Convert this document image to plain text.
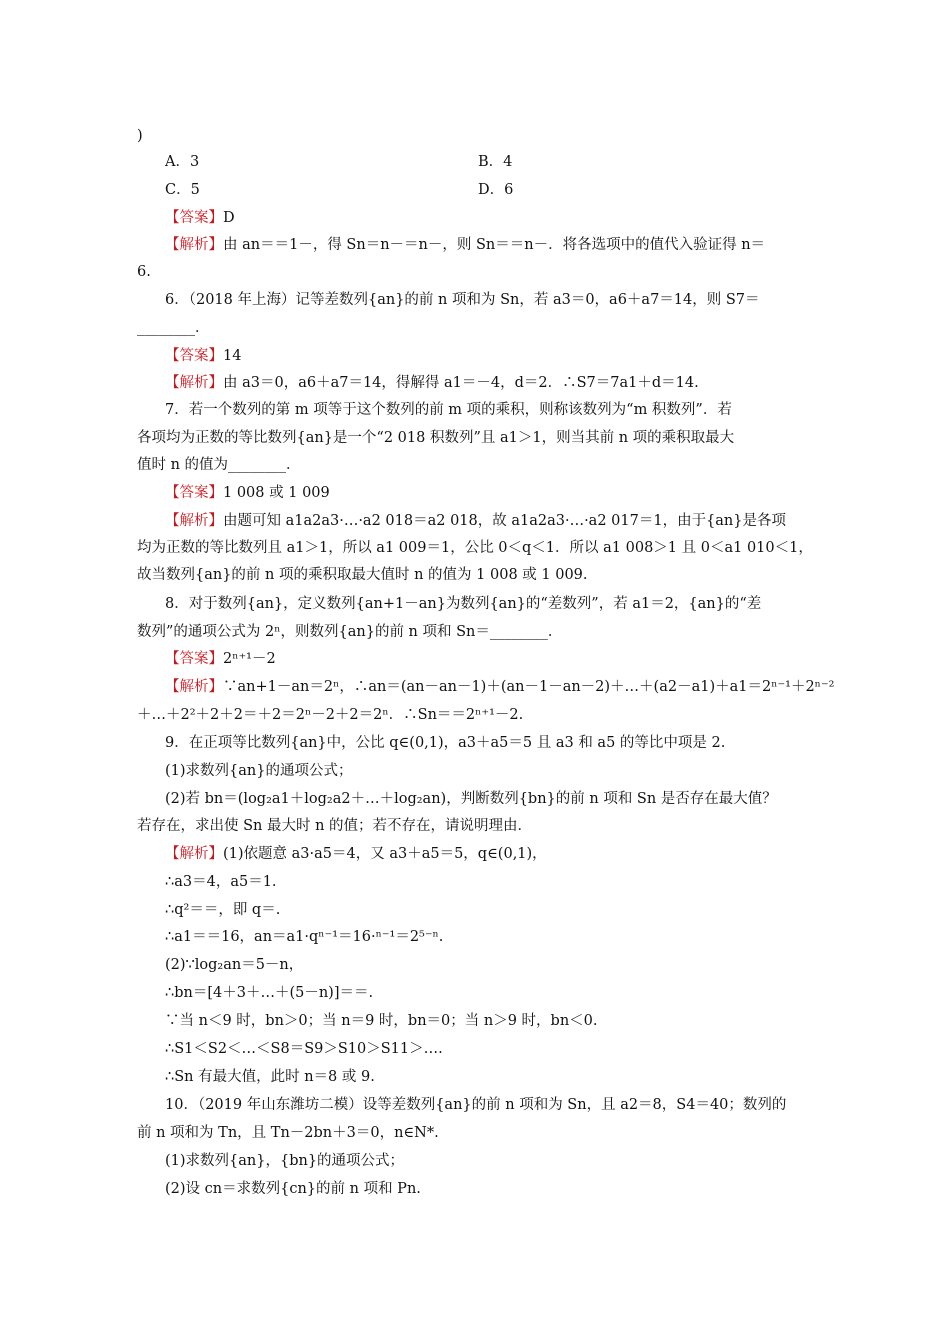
)
A．3	B．4
C．5	D．6
【答案】D
【解析】由 an＝＝1－，得 Sn＝n－＝n－，则 Sn＝＝n－．将各选项中的值代入验证得 n＝
6.
6．（2018 年上海）记等差数列{an}的前 n 项和为 Sn，若 a3＝0，a6＋a7＝14，则 S7＝
________．
【答案】14
【解析】由 a3＝0，a6＋a7＝14，得解得 a1＝－4，d＝2．∴S7＝7a1＋d＝14.
7．若一个数列的第 m 项等于这个数列的前 m 项的乘积，则称该数列为“m 积数列”．若
各项均为正数的等比数列{an}是一个“2 018 积数列”且 a1＞1，则当其前 n 项的乘积取最大
值时 n 的值为________．
【答案】1 008 或 1 009
【解析】由题可知 a1a2a3·…·a2 018＝a2 018，故 a1a2a3·…·a2 017＝1，由于{an}是各项
均为正数的等比数列且 a1＞1，所以 a1 009＝1，公比 0＜q＜1．所以 a1 008＞1 且 0＜a1 010＜1，
故当数列{an}的前 n 项的乘积取最大值时 n 的值为 1 008 或 1 009.
8．对于数列{an}，定义数列{an+1－an}为数列{an}的“差数列”，若 a1＝2，{an}的“差
数列”的通项公式为 2ⁿ，则数列{an}的前 n 项和 Sn＝________．
【答案】2ⁿ⁺¹－2
【解析】∵an+1－an＝2ⁿ，∴an＝(an－an－1)＋(an－1－an－2)＋…＋(a2－a1)＋a1＝2ⁿ⁻¹＋2ⁿ⁻²
＋…＋2²＋2＋2＝＋2＝2ⁿ－2＋2＝2ⁿ．∴Sn＝＝2ⁿ⁺¹－2.
9．在正项等比数列{an}中，公比 q∈(0,1)，a3＋a5＝5 且 a3 和 a5 的等比中项是 2.
(1)求数列{an}的通项公式；
(2)若 bn＝(log₂a1＋log₂a2＋…＋log₂an)，判断数列{bn}的前 n 项和 Sn 是否存在最大值？
若存在，求出使 Sn 最大时 n 的值；若不存在，请说明理由．
【解析】(1)依题意 a3·a5＝4，又 a3＋a5＝5，q∈(0,1)，
∴a3＝4，a5＝1.
∴q²＝＝，即 q＝.
∴a1＝＝16，an＝a1·qⁿ⁻¹＝16·ⁿ⁻¹＝2⁵⁻ⁿ.
(2)∵log₂an＝5－n，
∴bn＝[4＋3＋…＋(5－n)]＝＝.
∵当 n＜9 时，bn＞0；当 n＝9 时，bn＝0；当 n＞9 时，bn＜0.
∴S1＜S2＜…＜S8＝S9＞S10＞S11＞….
∴Sn 有最大值，此时 n＝8 或 9.
10．（2019 年山东潍坊二模）设等差数列{an}的前 n 项和为 Sn，且 a2＝8，S4＝40；数列的
前 n 项和为 Tn，且 Tn－2bn＋3＝0，n∈N*.
(1)求数列{an}，{bn}的通项公式；
(2)设 cn＝求数列{cn}的前 n 项和 Pn.
